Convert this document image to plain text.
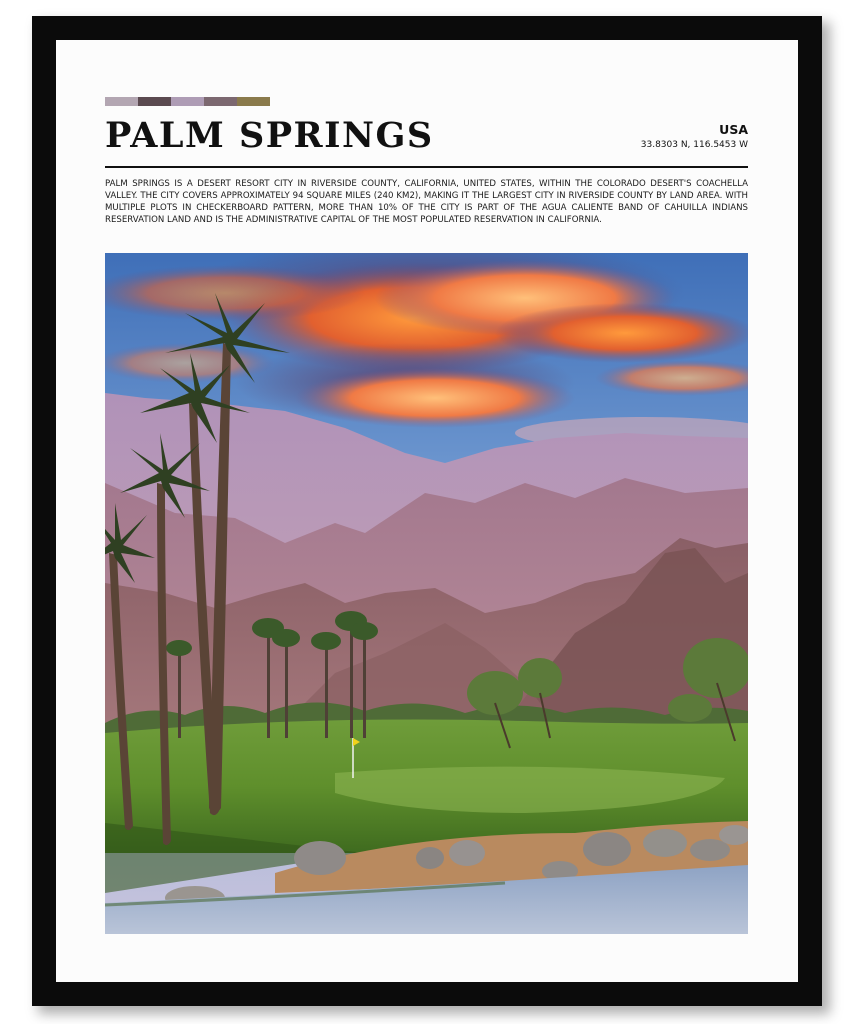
PALM SPRINGS	USA
33.8303 N, 116.5453 W
PALM SPRINGS IS A DESERT RESORT CITY IN RIVERSIDE COUNTY, CALIFORNIA, UNITED STATES, WITHIN THE COLORADO DESERT'S COACHELLA VALLEY. THE CITY COVERS APPROXIMATELY 94 SQUARE MILES (240 KM2), MAKING IT THE LARGEST CITY IN RIVERSIDE COUNTY BY LAND AREA. WITH MULTIPLE PLOTS IN CHECKERBOARD PATTERN, MORE THAN 10% OF THE CITY IS PART OF THE AGUA CALIENTE BAND OF CAHUILLA INDIANS RESERVATION LAND AND IS THE ADMINISTRATIVE CAPITAL OF THE MOST POPULATED RESERVATION IN CALIFORNIA.
